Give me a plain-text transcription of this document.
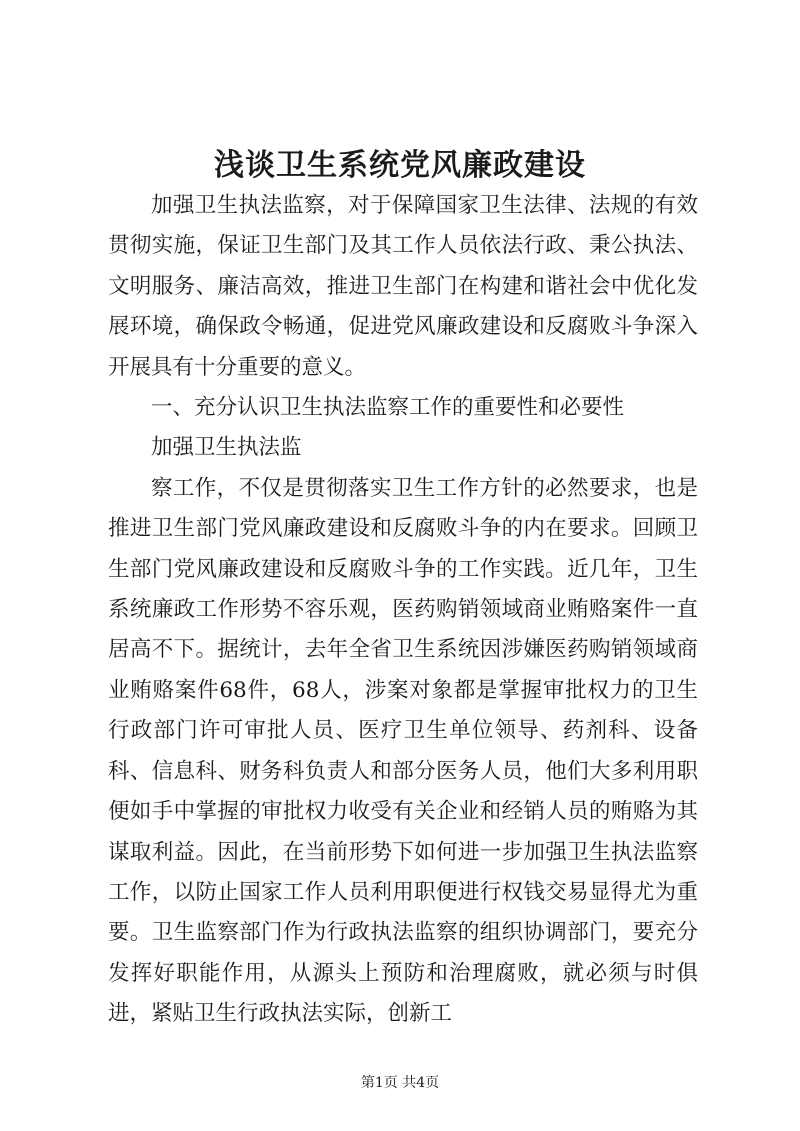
浅谈卫生系统党风廉政建设

加强卫生执法监察，对于保障国家卫生法律、法规的有效贯彻实施，保证卫生部门及其工作人员依法行政、秉公执法、文明服务、廉洁高效，推进卫生部门在构建和谐社会中优化发展环境，确保政令畅通，促进党风廉政建设和反腐败斗争深入开展具有十分重要的意义。

一、充分认识卫生执法监察工作的重要性和必要性

加强卫生执法监

察工作，不仅是贯彻落实卫生工作方针的必然要求，也是推进卫生部门党风廉政建设和反腐败斗争的内在要求。回顾卫生部门党风廉政建设和反腐败斗争的工作实践。近几年，卫生系统廉政工作形势不容乐观，医药购销领域商业贿赂案件一直居高不下。据统计，去年全省卫生系统因涉嫌医药购销领域商业贿赂案件68件，68人，涉案对象都是掌握审批权力的卫生行政部门许可审批人员、医疗卫生单位领导、药剂科、设备科、信息科、财务科负责人和部分医务人员，他们大多利用职便如手中掌握的审批权力收受有关企业和经销人员的贿赂为其谋取利益。因此，在当前形势下如何进一步加强卫生执法监察工作，以防止国家工作人员利用职便进行权钱交易显得尤为重要。卫生监察部门作为行政执法监察的组织协调部门，要充分发挥好职能作用，从源头上预防和治理腐败，就必须与时俱进，紧贴卫生行政执法实际，创新工

第1页 共4页
